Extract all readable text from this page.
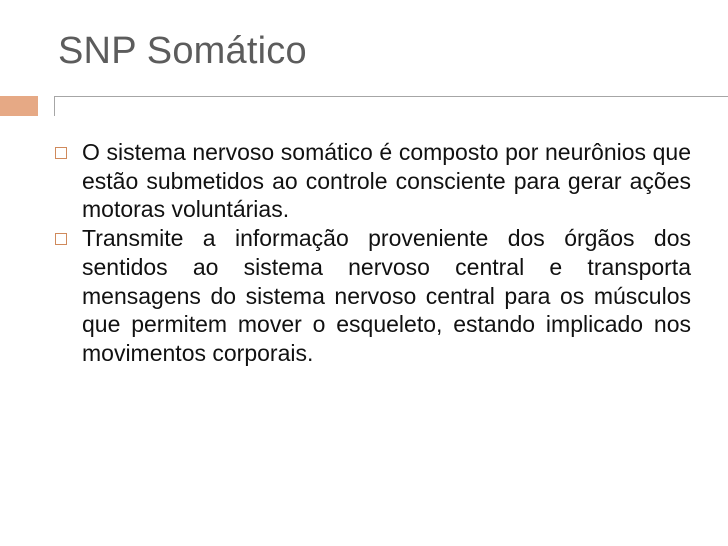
SNP Somático
O sistema nervoso somático é composto por neurônios que estão submetidos ao controle consciente para gerar ações motoras voluntárias.
Transmite a informação proveniente dos órgãos dos sentidos ao sistema nervoso central e transporta mensagens do sistema nervoso central para os músculos que permitem mover o esqueleto, estando implicado nos movimentos corporais.
